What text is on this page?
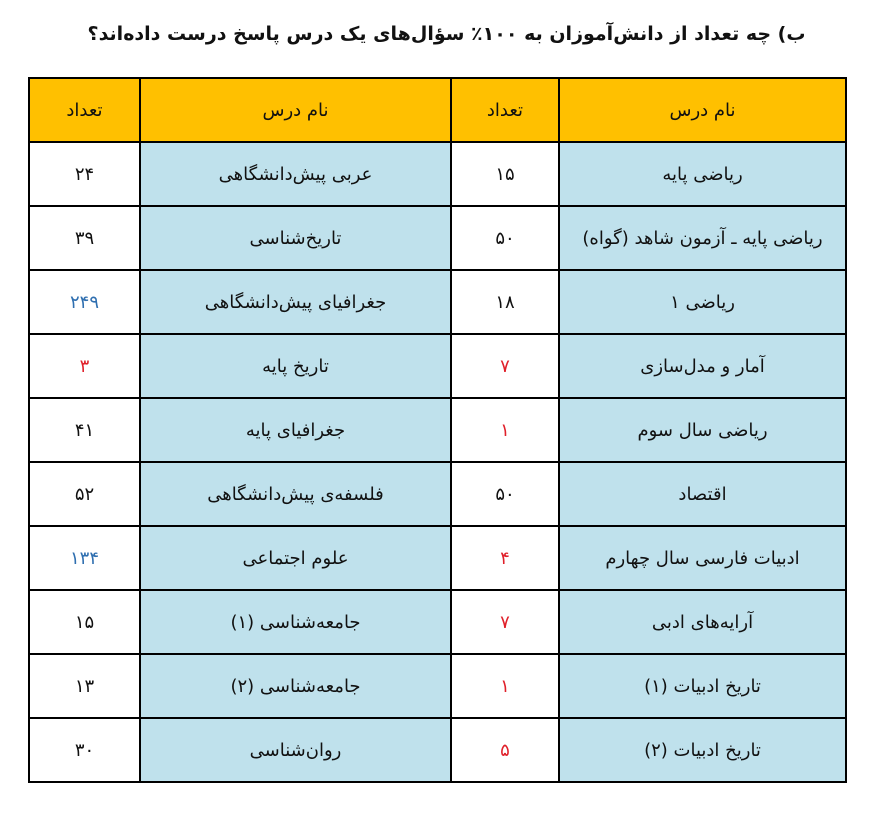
ب) چه تعداد از دانش‌آموزان به ۱۰۰٪ سؤال‌های یک درس پاسخ درست داده‌اند؟
نام درس	تعداد	نام درس	تعداد
ریاضی پایه	۱۵	عربی پیش‌دانشگاهی	۲۴
ریاضی پایه ـ آزمون شاهد (گواه)	۵۰	تاریخ‌شناسی	۳۹
ریاضی ۱	۱۸	جغرافیای پیش‌دانشگاهی	۲۴۹
آمار و مدل‌سازی	۷	تاریخ پایه	۳
ریاضی سال سوم	۱	جغرافیای پایه	۴۱
اقتصاد	۵۰	فلسفه‌ی پیش‌دانشگاهی	۵۲
ادبیات فارسی سال چهارم	۴	علوم اجتماعی	۱۳۴
آرایه‌های ادبی	۷	جامعه‌شناسی (۱)	۱۵
تاریخ ادبیات (۱)	۱	جامعه‌شناسی (۲)	۱۳
تاریخ ادبیات (۲)	۵	روان‌شناسی	۳۰
